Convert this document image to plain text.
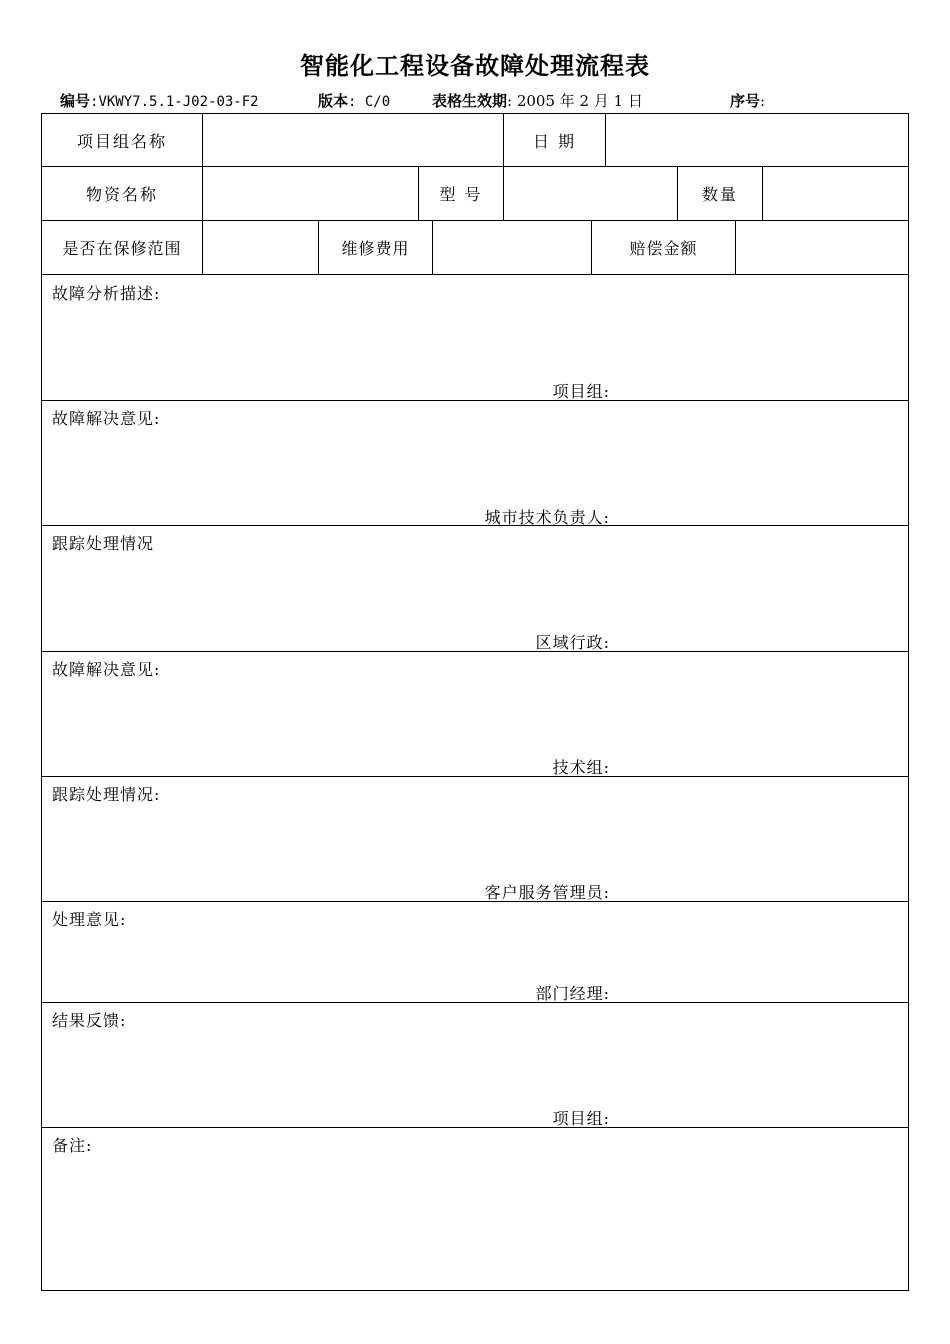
智能化工程设备故障处理流程表
编号:VKWY7.5.1-J02-03-F2	版本: C/0	表格生效期: 2005 年 2 月 1 日	序号:
项目组名称	日 期
物资名称	型 号	数量
是否在保修范围	维修费用	赔偿金额
故障分析描述:
项目组:
故障解决意见:
城市技术负责人:
跟踪处理情况
区域行政:
故障解决意见:
技术组:
跟踪处理情况:
客户服务管理员:
处理意见:
部门经理:
结果反馈:
项目组:
备注:
